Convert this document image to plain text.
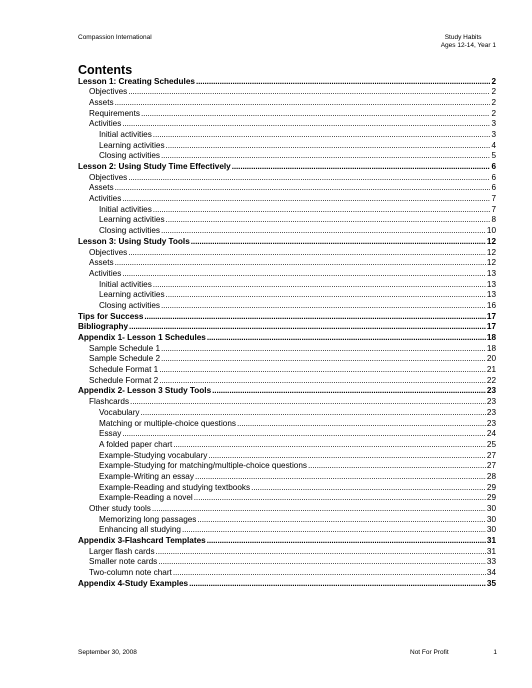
Compassion International	Study Habits
Ages 12-14, Year 1
Contents
Lesson 1: Creating Schedules . . .	2
Objectives . . .	2
Assets . . .	2
Requirements . . .	2
Activities . . .	3
Initial activities . . .	3
Learning activities . . .	4
Closing activities . . .	5
Lesson 2: Using Study Time Effectively . . .	6
Objectives . . .	6
Assets . . .	6
Activities . . .	7
Initial activities . . .	7
Learning activities . . .	8
Closing activities . . .	10
Lesson 3: Using Study Tools . . .	12
Objectives . . .	12
Assets . . .	12
Activities . . .	13
Initial activities . . .	13
Learning activities . . .	13
Closing activities . . .	16
Tips for Success . . .	17
Bibliography . . .	17
Appendix 1- Lesson 1 Schedules . . .	18
Sample Schedule 1 . . .	18
Sample Schedule 2 . . .	20
Schedule Format 1 . . .	21
Schedule Format 2 . . .	22
Appendix 2- Lesson 3 Study Tools . . .	23
Flashcards . . .	23
Vocabulary . . .	23
Matching or multiple-choice questions . . .	23
Essay . . .	24
A folded paper chart . . .	25
Example-Studying vocabulary . . .	27
Example-Studying for matching/multiple-choice questions . . .	27
Example-Writing an essay . . .	28
Example-Reading and studying textbooks . . .	29
Example-Reading a novel . . .	29
Other study tools . . .	30
Memorizing long passages . . .	30
Enhancing all studying . . .	30
Appendix 3-Flashcard Templates . . .	31
Larger flash cards . . .	31
Smaller note cards . . .	33
Two-column note chart . . .	34
Appendix 4-Study Examples . . .	35
September 30, 2008	1
Not For Profit
